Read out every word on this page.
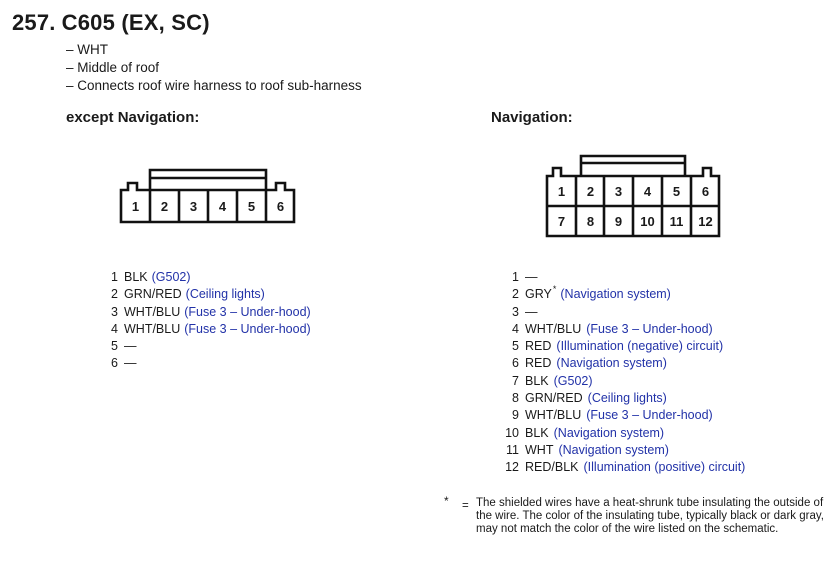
257. C605 (EX, SC)
– WHT
– Middle of roof
– Connects roof wire harness to roof sub-harness
except Navigation:	Navigation:
1	2	3	4	5	6
1	2	3	4	5	6
7	8	9	10	11	12
1 BLK (G502)
2 GRN/RED (Ceiling lights)
3 WHT/BLU (Fuse 3 – Under-hood)
4 WHT/BLU (Fuse 3 – Under-hood)
5 —
6 —
1 —
2 GRY * (Navigation system)
3 —
4 WHT/BLU (Fuse 3 – Under-hood)
5 RED (Illumination (negative) circuit)
6 RED (Navigation system)
7 BLK (G502)
8 GRN/RED (Ceiling lights)
9 WHT/BLU (Fuse 3 – Under-hood)
10 BLK (Navigation system)
11 WHT (Navigation system)
12 RED/BLK (Illumination (positive) circuit)
* = The shielded wires have a heat-shrunk tube insulating the outside of the wire. The color of the insulating tube, typically black or dark gray, may not match the color of the wire listed on the schematic.
